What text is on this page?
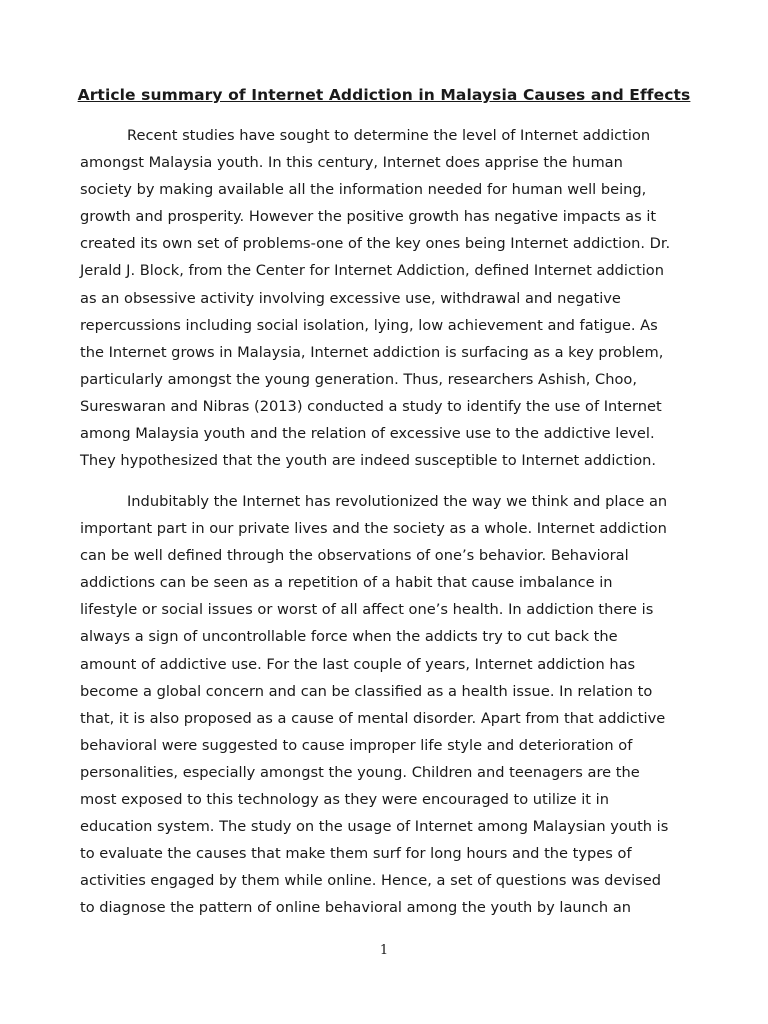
Article summary of Internet Addiction in Malaysia Causes and Effects
Recent studies have sought to determine the level of Internet addiction
amongst Malaysia youth. In this century, Internet does apprise the human
society by making available all the information needed for human well being,
growth and prosperity. However the positive growth has negative impacts as it
created its own set of problems-one of the key ones being Internet addiction. Dr.
Jerald J. Block, from the Center for Internet Addiction, defined Internet addiction
as an obsessive activity involving excessive use, withdrawal and negative
repercussions including social isolation, lying, low achievement and fatigue. As
the Internet grows in Malaysia, Internet addiction is surfacing as a key problem,
particularly amongst the young generation. Thus, researchers Ashish, Choo,
Sureswaran and Nibras (2013) conducted a study to identify the use of Internet
among Malaysia youth and the relation of excessive use to the addictive level.
They hypothesized that the youth are indeed susceptible to Internet addiction.
Indubitably the Internet has revolutionized the way we think and place an
important part in our private lives and the society as a whole. Internet addiction
can be well defined through the observations of one’s behavior. Behavioral
addictions can be seen as a repetition of a habit that cause imbalance in
lifestyle or social issues or worst of all affect one’s health. In addiction there is
always a sign of uncontrollable force when the addicts try to cut back the
amount of addictive use. For the last couple of years, Internet addiction has
become a global concern and can be classified as a health issue. In relation to
that, it is also proposed as a cause of mental disorder. Apart from that addictive
behavioral were suggested to cause improper life style and deterioration of
personalities, especially amongst the young. Children and teenagers are the
most exposed to this technology as they were encouraged to utilize it in
education system. The study on the usage of Internet among Malaysian youth is
to evaluate the causes that make them surf for long hours and the types of
activities engaged by them while online. Hence, a set of questions was devised
to diagnose the pattern of online behavioral among the youth by launch an
1
